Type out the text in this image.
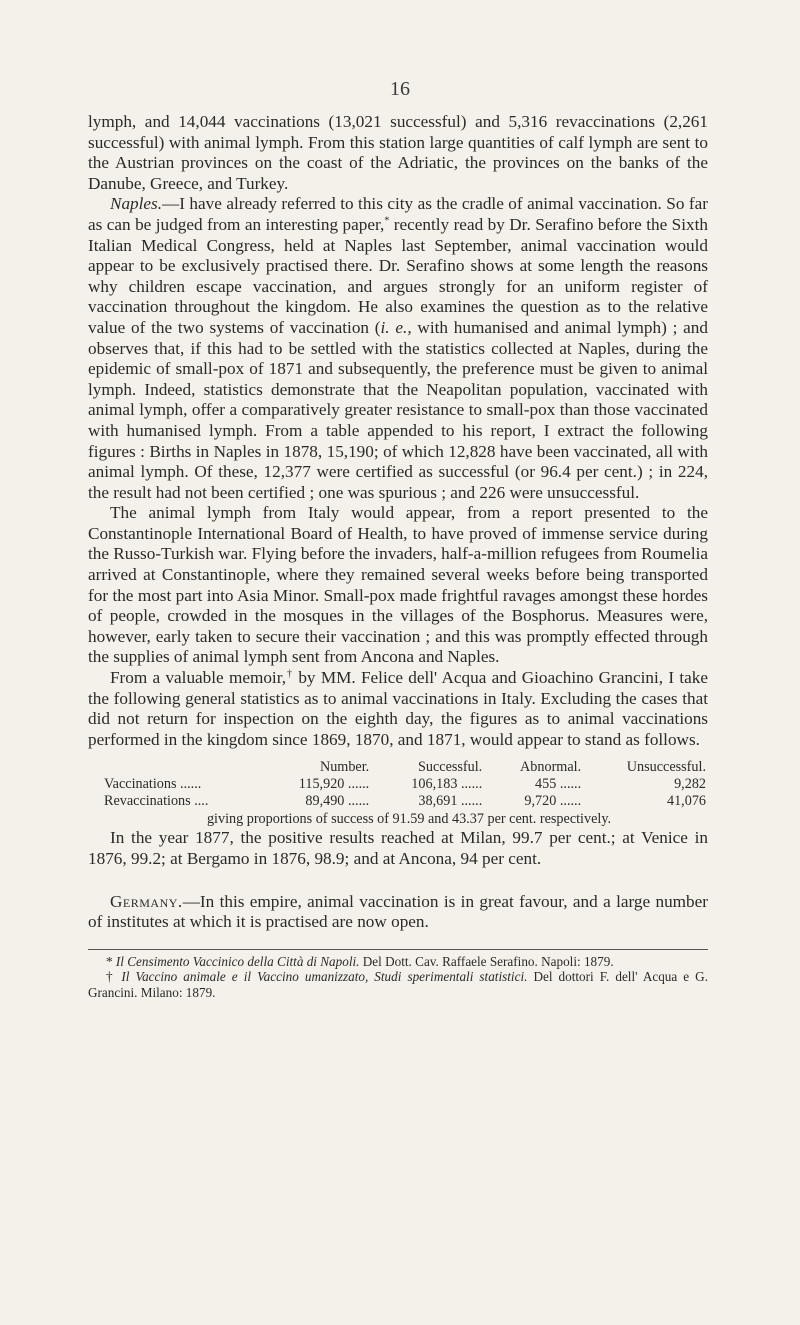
16

lymph, and 14,044 vaccinations (13,021 successful) and 5,316 revaccinations (2,261 successful) with animal lymph. From this station large quantities of calf lymph are sent to the Austrian provinces on the coast of the Adriatic, the provinces on the banks of the Danube, Greece, and Turkey.

Naples.—I have already referred to this city as the cradle of animal vaccination. So far as can be judged from an interesting paper,* recently read by Dr. Serafino before the Sixth Italian Medical Congress, held at Naples last September, animal vaccination would appear to be exclusively practised there. Dr. Serafino shows at some length the reasons why children escape vaccination, and argues strongly for an uniform register of vaccination throughout the kingdom. He also examines the question as to the relative value of the two systems of vaccination (i. e., with humanised and animal lymph) ; and observes that, if this had to be settled with the statistics collected at Naples, during the epidemic of small-pox of 1871 and subsequently, the preference must be given to animal lymph. Indeed, statistics demonstrate that the Neapolitan population, vaccinated with animal lymph, offer a comparatively greater resistance to small-pox than those vaccinated with humanised lymph. From a table appended to his report, I extract the following figures : Births in Naples in 1878, 15,190; of which 12,828 have been vaccinated, all with animal lymph. Of these, 12,377 were certified as successful (or 96.4 per cent.) ; in 224, the result had not been certified ; one was spurious ; and 226 were unsuccessful.

The animal lymph from Italy would appear, from a report presented to the Constantinople International Board of Health, to have proved of immense service during the Russo-Turkish war. Flying before the invaders, half-a-million refugees from Roumelia arrived at Constantinople, where they remained several weeks before being transported for the most part into Asia Minor. Small-pox made frightful ravages amongst these hordes of people, crowded in the mosques in the villages of the Bosphorus. Measures were, however, early taken to secure their vaccination ; and this was promptly effected through the supplies of animal lymph sent from Ancona and Naples.

From a valuable memoir,† by MM. Felice dell' Acqua and Gioachino Grancini, I take the following general statistics as to animal vaccinations in Italy. Excluding the cases that did not return for inspection on the eighth day, the figures as to animal vaccinations performed in the kingdom since 1869, 1870, and 1871, would appear to stand as follows.

	Number.	Successful.	Abnormal.	Unsuccessful.
Vaccinations ......	115,920 ......	106,183 ......	455 ......	9,282
Revaccinations ....	89,490 ......	38,691 ......	9,720 ......	41,076

giving proportions of success of 91.59 and 43.37 per cent. respectively.

In the year 1877, the positive results reached at Milan, 99.7 per cent.; at Venice in 1876, 99.2; at Bergamo in 1876, 98.9; and at Ancona, 94 per cent.

Germany.—In this empire, animal vaccination is in great favour, and a large number of institutes at which it is practised are now open.

* Il Censimento Vaccinico della Città di Napoli. Del Dott. Cav. Raffaele Serafino. Napoli: 1879.

† Il Vaccino animale e il Vaccino umanizzato, Studi sperimentali statistici. Del dottori F. dell' Acqua e G. Grancini. Milano: 1879.
